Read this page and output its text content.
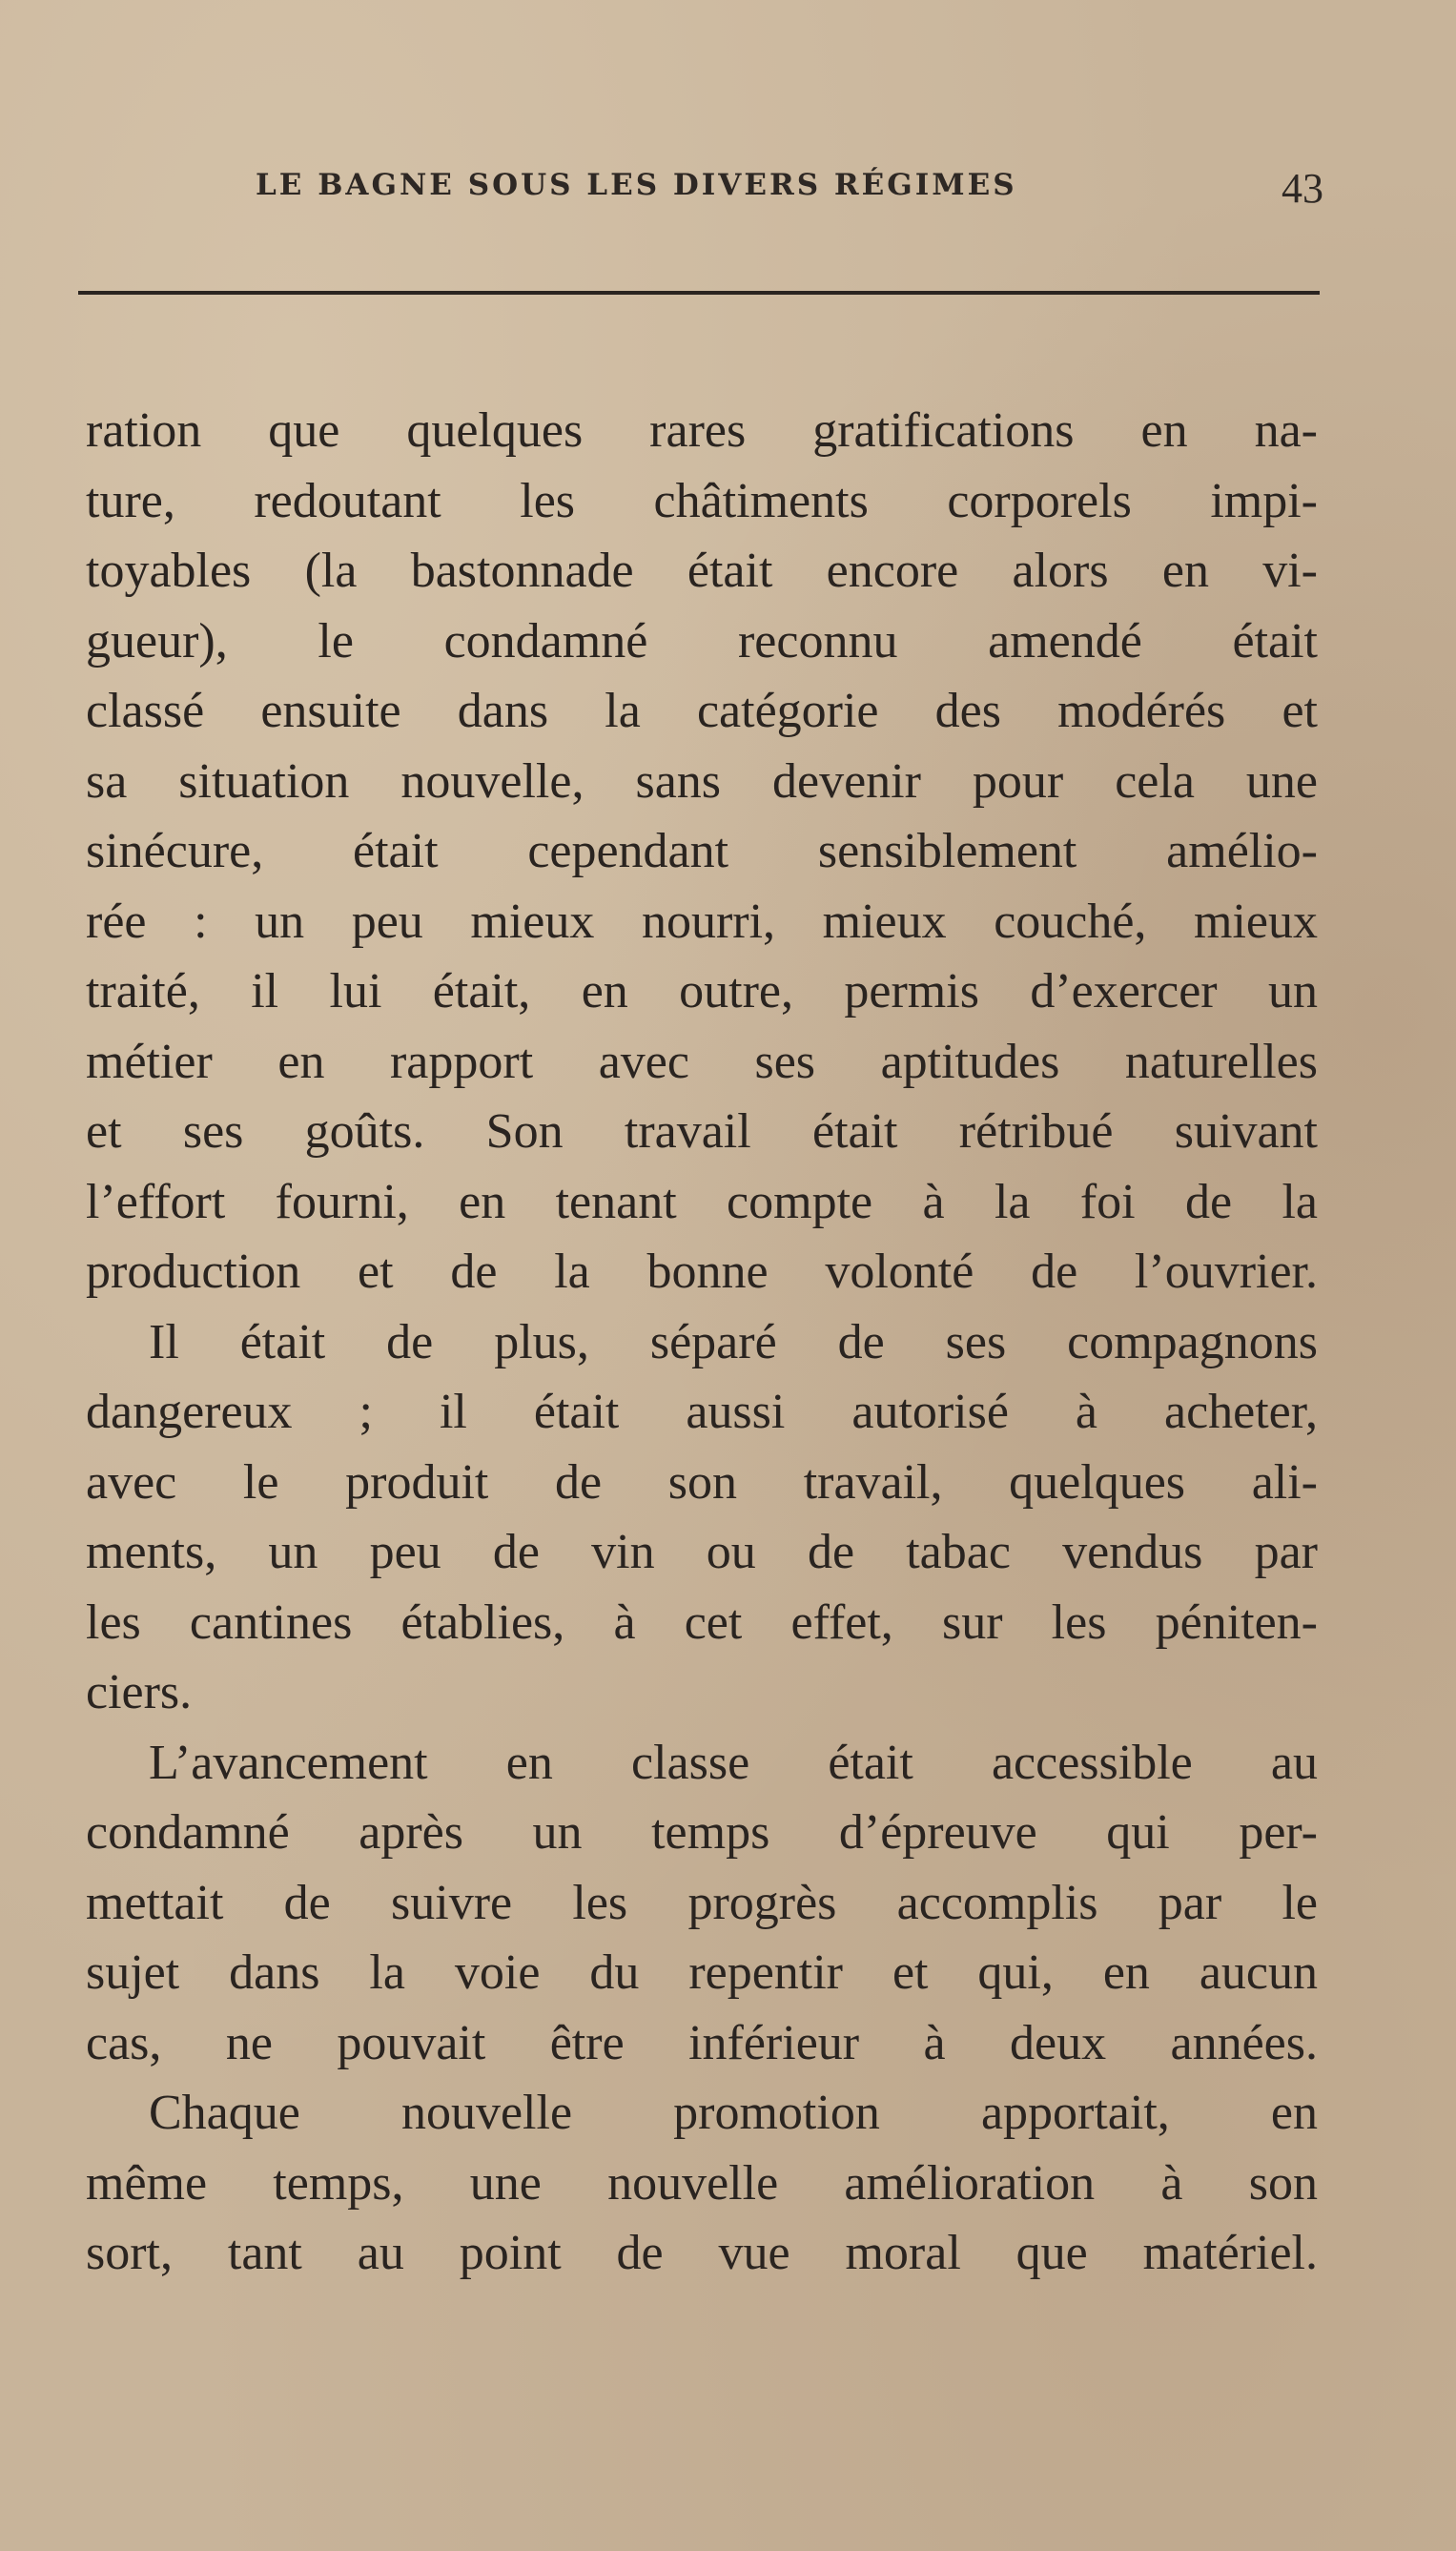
LE BAGNE SOUS LES DIVERS RÉGIMES	43
ration que quelques rares gratifications en na-
ture, redoutant les châtiments corporels impi-
toyables (la bastonnade était encore alors en vi-
gueur), le condamné reconnu amendé était
classé ensuite dans la catégorie des modérés et
sa situation nouvelle, sans devenir pour cela une
sinécure, était cependant sensiblement amélio-
rée : un peu mieux nourri, mieux couché, mieux
traité, il lui était, en outre, permis d’exercer un
métier en rapport avec ses aptitudes naturelles
et ses goûts. Son travail était rétribué suivant
l’effort fourni, en tenant compte à la foi de la
production et de la bonne volonté de l’ouvrier.
Il était de plus, séparé de ses compagnons
dangereux ; il était aussi autorisé à acheter,
avec le produit de son travail, quelques ali-
ments, un peu de vin ou de tabac vendus par
les cantines établies, à cet effet, sur les péniten-
ciers.
L’avancement en classe était accessible au
condamné après un temps d’épreuve qui per-
mettait de suivre les progrès accomplis par le
sujet dans la voie du repentir et qui, en aucun
cas, ne pouvait être inférieur à deux années.
Chaque nouvelle promotion apportait, en
même temps, une nouvelle amélioration à son
sort, tant au point de vue moral que matériel.
